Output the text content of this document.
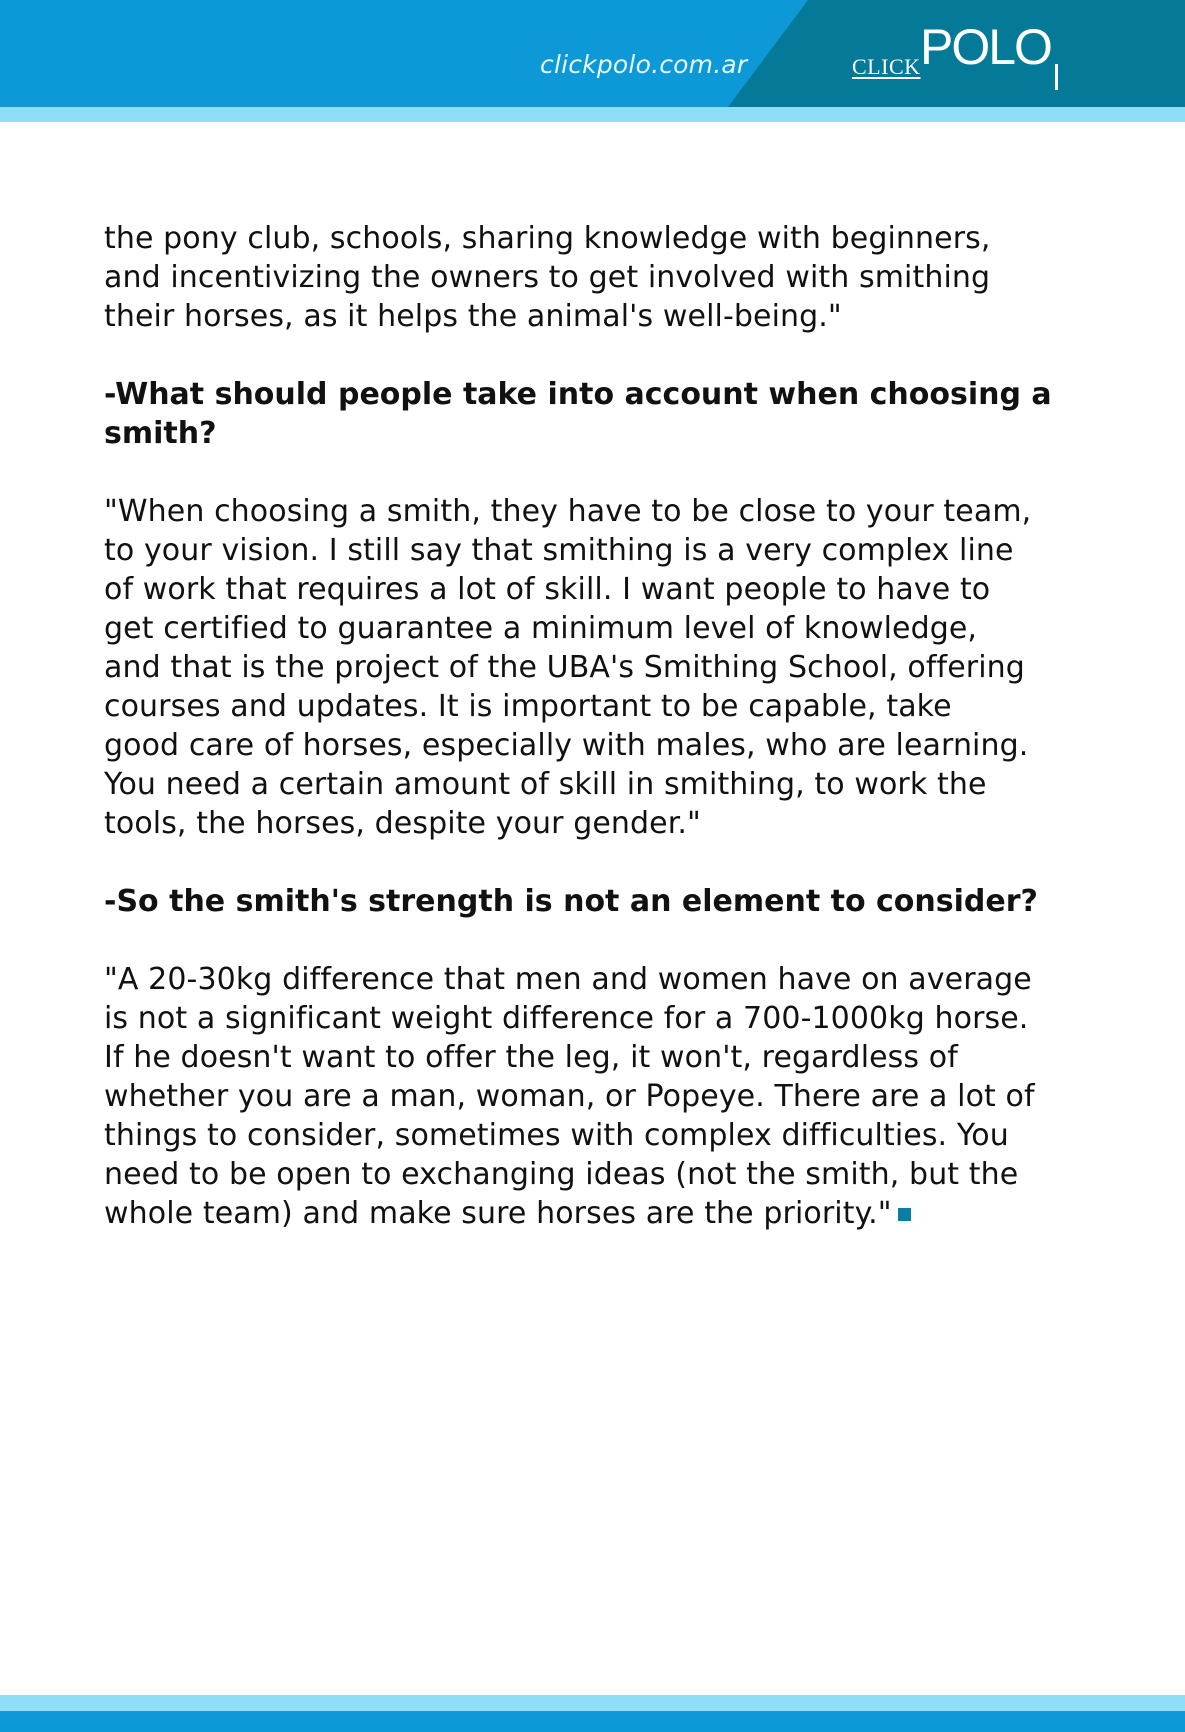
clickpolo.com.ar	CLICK POLO

the pony club, schools, sharing knowledge with beginners,
and incentivizing the owners to get involved with smithing
their horses, as it helps the animal's well-being."

-What should people take into account when choosing a
smith?

"When choosing a smith, they have to be close to your team,
to your vision. I still say that smithing is a very complex line
of work that requires a lot of skill. I want people to have to
get certified to guarantee a minimum level of knowledge,
and that is the project of the UBA's Smithing School, offering
courses and updates. It is important to be capable, take
good care of horses, especially with males, who are learning.
You need a certain amount of skill in smithing, to work the
tools, the horses, despite your gender."

-So the smith's strength is not an element to consider?

"A 20-30kg difference that men and women have on average
is not a significant weight difference for a 700-1000kg horse.
If he doesn't want to offer the leg, it won't, regardless of
whether you are a man, woman, or Popeye. There are a lot of
things to consider, sometimes with complex difficulties. You
need to be open to exchanging ideas (not the smith, but the
whole team) and make sure horses are the priority."
